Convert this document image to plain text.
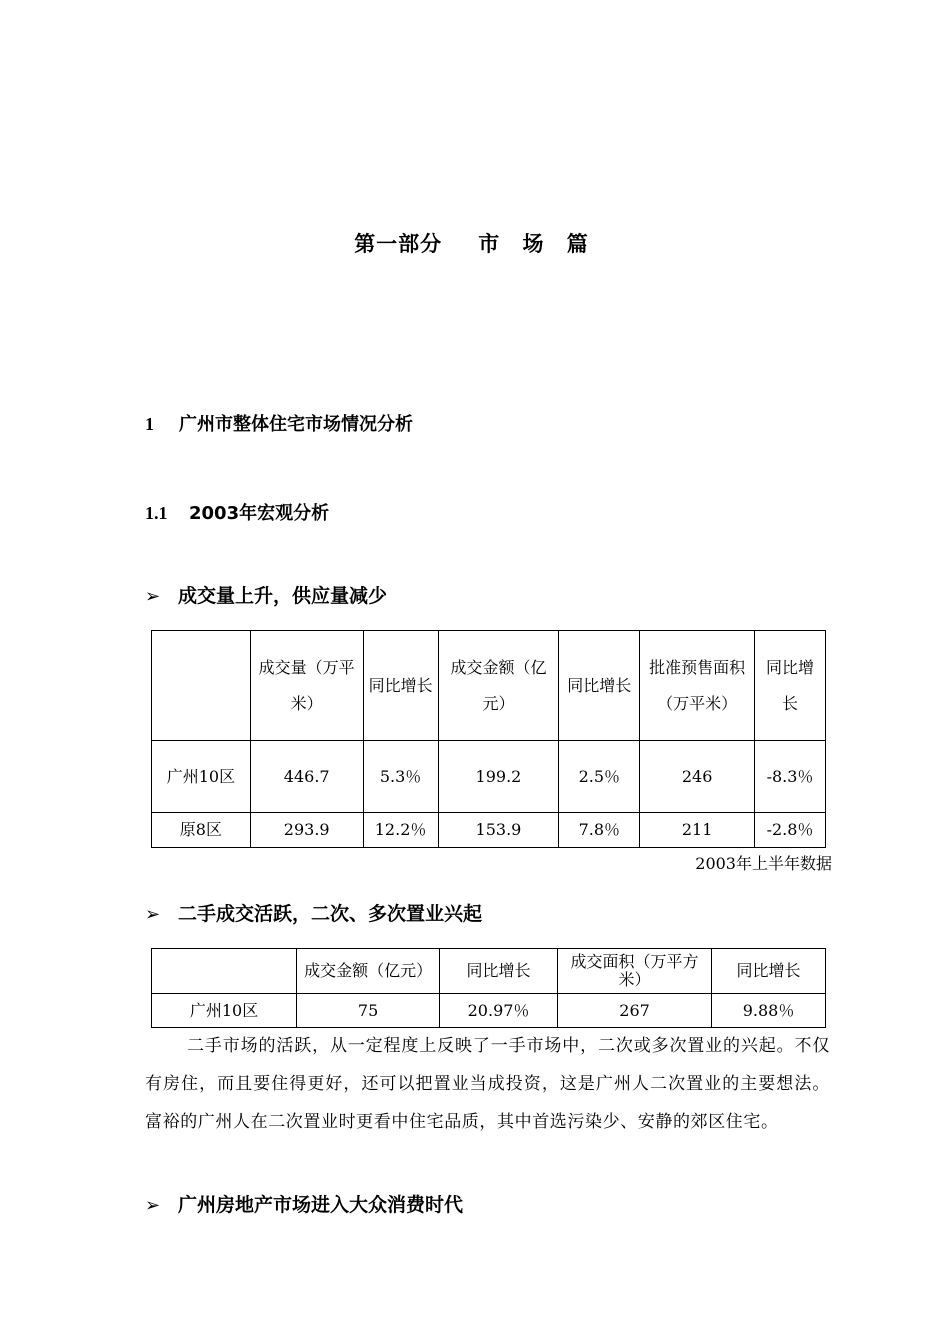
第一部分 市 场 篇
1 广州市整体住宅市场情况分析
1.1 2003年宏观分析
➢ 成交量上升，供应量减少
	成交量（万平米）	同比增长	成交金额（亿元）	同比增长	批准预售面积（万平米）	同比增长
广州10区	446.7	5.3％	199.2	2.5％	246	-8.3％
原8区	293.9	12.2％	153.9	7.8％	211	-2.8％
2003年上半年数据
➢ 二手成交活跃，二次、多次置业兴起
	成交金额（亿元）	同比增长	成交面积（万平方米）	同比增长
广州10区	75	20.97％	267	9.88％
二手市场的活跃，从一定程度上反映了一手市场中，二次或多次置业的兴起。不仅有房住，而且要住得更好，还可以把置业当成投资，这是广州人二次置业的主要想法。富裕的广州人在二次置业时更看中住宅品质，其中首选污染少、安静的郊区住宅。
➢ 广州房地产市场进入大众消费时代
